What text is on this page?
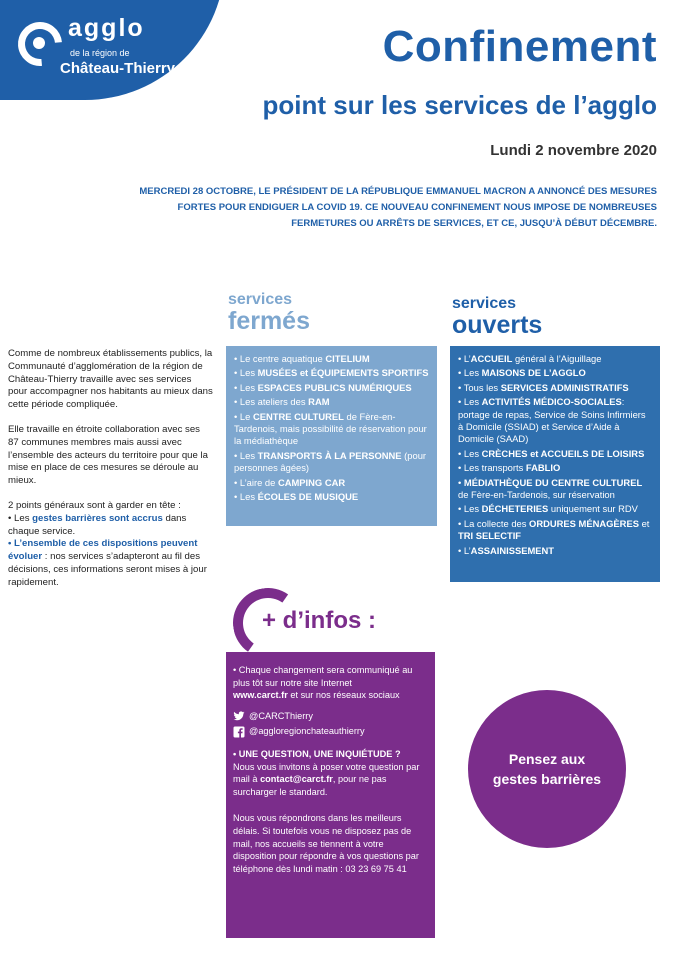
agglo
de la région de
Château-Thierry	Confinement
point sur les services de l’agglo
Lundi 2 novembre 2020
MERCREDI 28 OCTOBRE, LE PRÉSIDENT DE LA RÉPUBLIQUE EMMANUEL MACRON A ANNONCÉ DES MESURES FORTES POUR ENDIGUER LA COVID 19. CE NOUVEAU CONFINEMENT NOUS IMPOSE DE NOMBREUSES FERMETURES OU ARRÊTS DE SERVICES, ET CE, JUSQU’À DÉBUT DÉCEMBRE.

Comme de nombreux établissements publics, la Communauté d’agglomération de la région de Château-Thierry travaille avec ses services pour accompagner nos habitants au mieux dans cette période compliquée.

Elle travaille en étroite collaboration avec ses 87 communes membres mais aussi avec l’ensemble des acteurs du territoire pour que la mise en place de ces mesures se déroule au mieux.

2 points généraux sont à garder en tête :
• Les gestes barrières sont accrus dans chaque service.
• L’ensemble de ces dispositions peuvent évoluer : nos services s’adapteront au fil des décisions, ces informations seront mises à jour rapidement.

services
fermés
• Le centre aquatique CITELIUM
• Les MUSÉES et ÉQUIPEMENTS SPORTIFS
• Les ESPACES PUBLICS NUMÉRIQUES
• Les ateliers des RAM
• Le CENTRE CULTUREL de Fère-en-Tardenois, mais possibilité de réservation pour la médiathèque
• Les TRANSPORTS À LA PERSONNE (pour personnes âgées)
• L’aire de CAMPING CAR
• Les ÉCOLES DE MUSIQUE
services
ouverts
• L’ACCUEIL général à l’Aiguillage
• Les MAISONS DE L’AGGLO
• Tous les SERVICES ADMINISTRATIFS
• Les ACTIVITÉS MÉDICO-SOCIALES: portage de repas, Service de Soins Infirmiers à Domicile (SSIAD) et Service d’Aide à Domicile (SAAD)
• Les CRÈCHES et ACCUEILS DE LOISIRS
• Les transports FABLIO
• MÉDIATHÈQUE DU CENTRE CULTUREL de Fère-en-Tardenois, sur réservation
• Les DÉCHETERIES uniquement sur RDV
• La collecte des ORDURES MÉNAGÈRES et TRI SELECTIF
• L’ASSAINISSEMENT
+ d’infos :

• Chaque changement sera communiqué au plus tôt sur notre site Internet
www.carct.fr et sur nos réseaux sociaux

@CARCThierry
@aggloregionchateauthierry

• UNE QUESTION, UNE INQUIÉTUDE ?
Nous vous invitons à poser votre question par mail à contact@carct.fr, pour ne pas surcharger le standard.

Nous vous répondrons dans les meilleurs délais. Si toutefois vous ne disposez pas de mail, nos accueils se tiennent à votre disposition pour répondre à vos questions par téléphone dès lundi matin : 03 23 69 75 41

Pensez aux
gestes barrières
